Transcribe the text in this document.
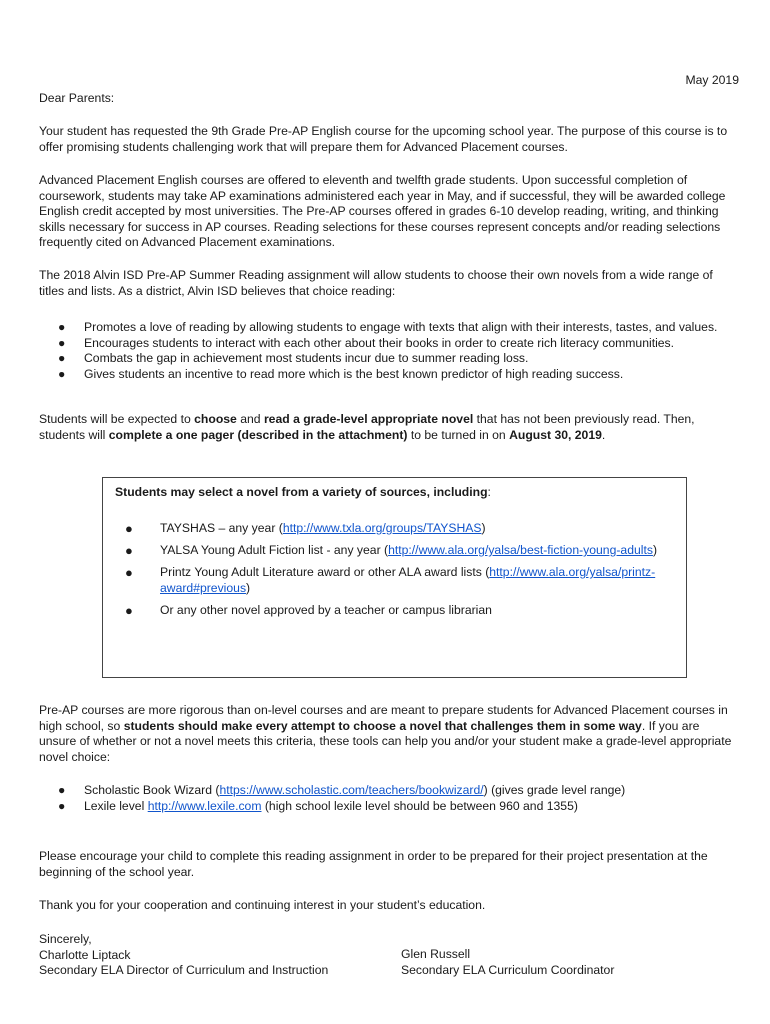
May 2019

Dear Parents:

Your student has requested the 9th Grade Pre-AP English course for the upcoming school year. The purpose of this course is to offer promising students challenging work that will prepare them for Advanced Placement courses.

Advanced Placement English courses are offered to eleventh and twelfth grade students. Upon successful completion of coursework, students may take AP examinations administered each year in May, and if successful, they will be awarded college English credit accepted by most universities. The Pre-AP courses offered in grades 6-10 develop reading, writing, and thinking skills necessary for success in AP courses. Reading selections for these courses represent concepts and/or reading selections frequently cited on Advanced Placement examinations.

The 2018 Alvin ISD Pre-AP Summer Reading assignment will allow students to choose their own novels from a wide range of titles and lists. As a district, Alvin ISD believes that choice reading:

● Promotes a love of reading by allowing students to engage with texts that align with their interests, tastes, and values.
● Encourages students to interact with each other about their books in order to create rich literacy communities.
● Combats the gap in achievement most students incur due to summer reading loss.
● Gives students an incentive to read more which is the best known predictor of high reading success.

Students will be expected to choose and read a grade-level appropriate novel that has not been previously read. Then, students will complete a one pager (described in the attachment) to be turned in on August 30, 2019.

Students may select a novel from a variety of sources, including:
● TAYSHAS – any year (http://www.txla.org/groups/TAYSHAS)
● YALSA Young Adult Fiction list - any year (http://www.ala.org/yalsa/best-fiction-young-adults)
● Printz Young Adult Literature award or other ALA award lists (http://www.ala.org/yalsa/printz-award#previous)
● Or any other novel approved by a teacher or campus librarian

Pre-AP courses are more rigorous than on-level courses and are meant to prepare students for Advanced Placement courses in high school, so students should make every attempt to choose a novel that challenges them in some way. If you are unsure of whether or not a novel meets this criteria, these tools can help you and/or your student make a grade-level appropriate novel choice:

● Scholastic Book Wizard (https://www.scholastic.com/teachers/bookwizard/) (gives grade level range)
● Lexile level http://www.lexile.com (high school lexile level should be between 960 and 1355)

Please encourage your child to complete this reading assignment in order to be prepared for their project presentation at the beginning of the school year.

Thank you for your cooperation and continuing interest in your student’s education.

Sincerely,

Charlotte Liptack

Secondary ELA Director of Curriculum and Instruction

Glen Russell

Secondary ELA Curriculum Coordinator
